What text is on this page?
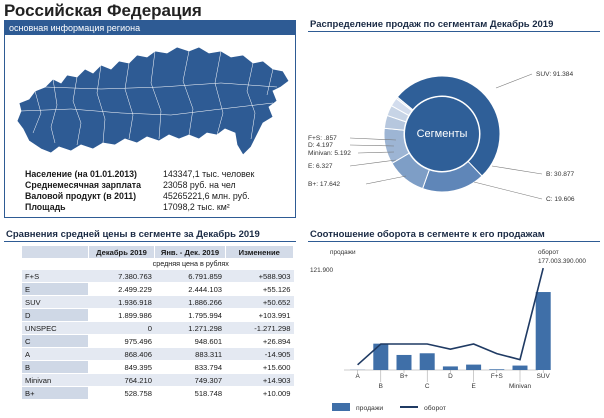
Российская Федерация
основная информация региона
Население (на 01.01.2013)	143347,1 тыс. человек
Среднемесячная зарплата	23058 руб. на чел
Валовой продукт (в 2011)	45265221,6 млн. руб.
Площадь	17098,2 тыс. км²
Распределение продаж по сегментам Декабрь 2019
Сегменты
SUV: 91.384
B: 30.877
C: 19.606
B+: 17.642
E: 6.327
Minivan: 5.192
D: 4.197
F+S: .857
Сравнения средней цены в сегменте за Декабрь 2019
	Декабрь 2019	Янв. - Дек. 2019	Изменение
	средняя цена в рублях		
F+S	7.380.763	6.791.859	+588.903
E	2.499.229	2.444.103	+55.126
SUV	1.936.918	1.886.266	+50.652
D	1.899.986	1.795.994	+103.991
UNSPEC	0	1.271.298	-1.271.298
C	975.496	948.601	+26.894
A	868.406	883.311	-14.905
B	849.395	833.794	+15.600
Minivan	764.210	749.307	+14.903
B+	528.758	518.748	+10.009
Соотношение оборота в сегменте к его продажам
продажи
121.900
оборот
177.003.390.000
A
B
B+
C
D
E
F+S
Minivan
SUV
продажи	оборот
